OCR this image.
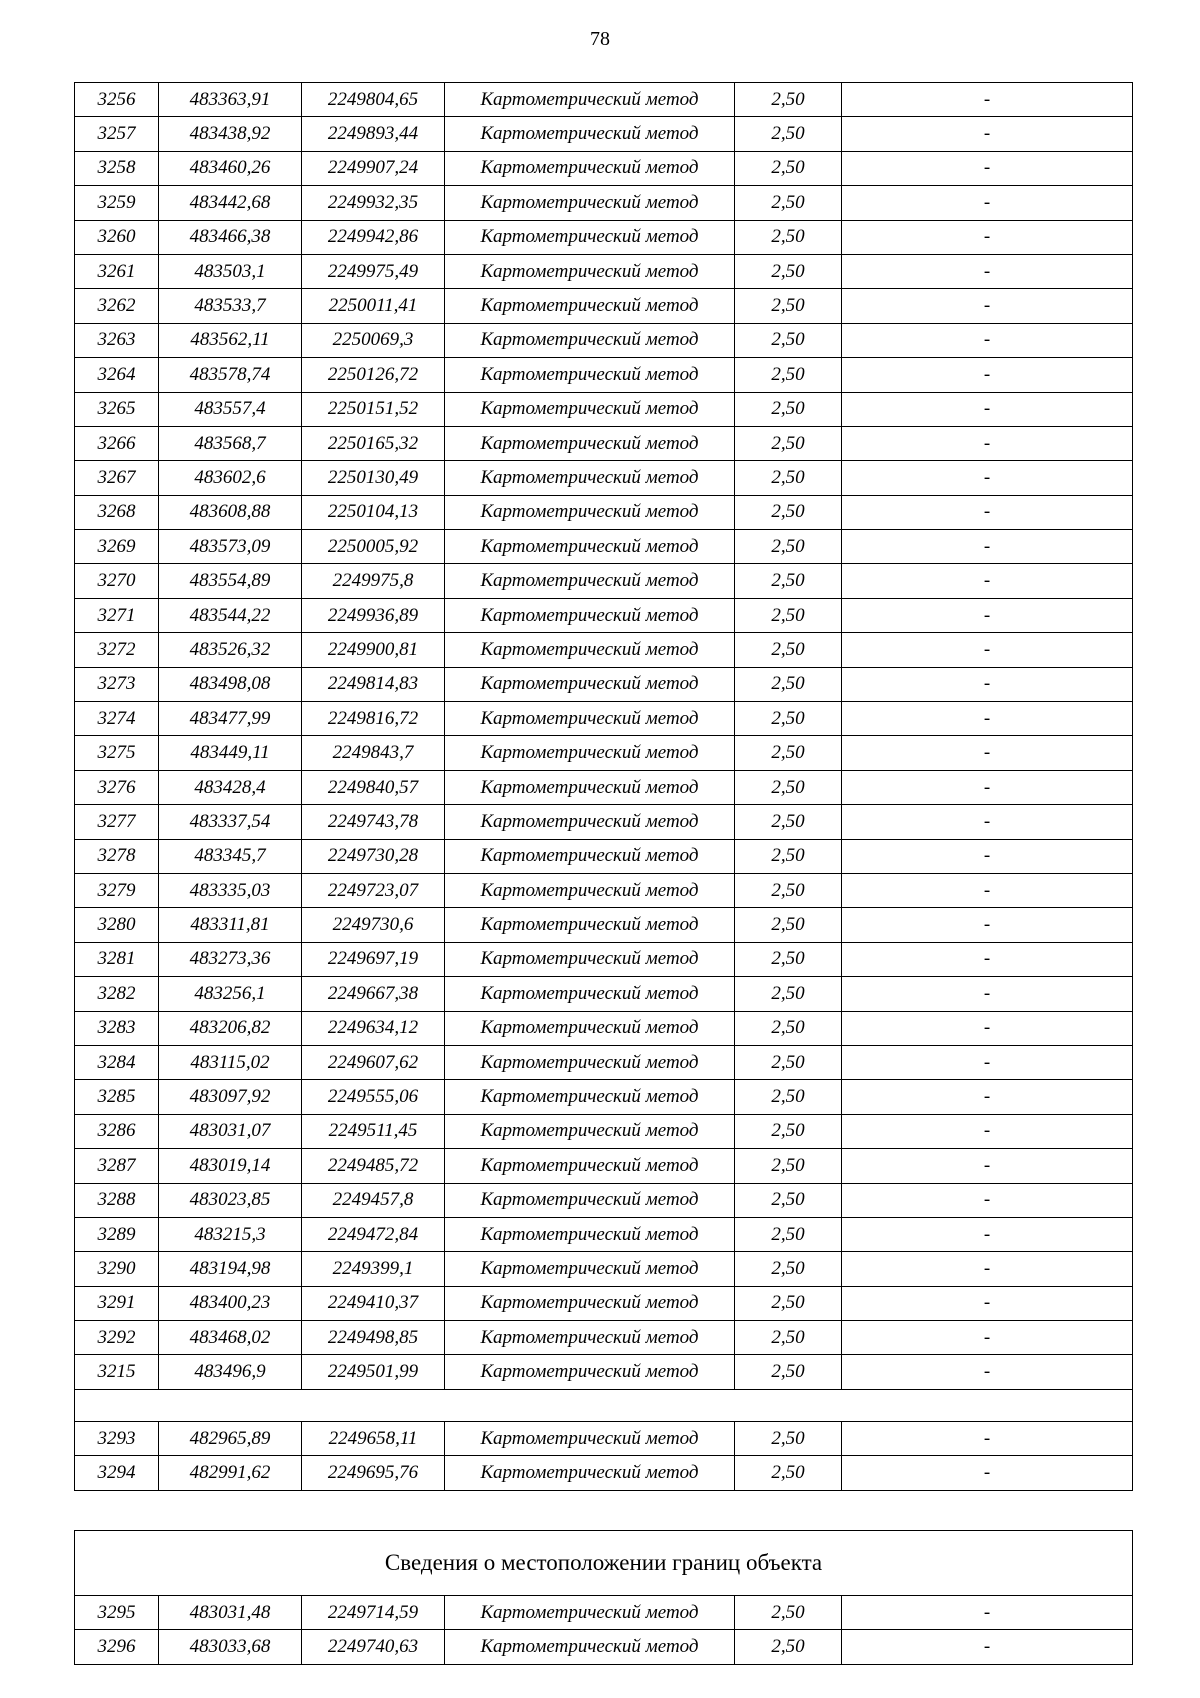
78
3256	483363,91	2249804,65	Картометрический метод	2,50	-
3257	483438,92	2249893,44	Картометрический метод	2,50	-
3258	483460,26	2249907,24	Картометрический метод	2,50	-
3259	483442,68	2249932,35	Картометрический метод	2,50	-
3260	483466,38	2249942,86	Картометрический метод	2,50	-
3261	483503,1	2249975,49	Картометрический метод	2,50	-
3262	483533,7	2250011,41	Картометрический метод	2,50	-
3263	483562,11	2250069,3	Картометрический метод	2,50	-
3264	483578,74	2250126,72	Картометрический метод	2,50	-
3265	483557,4	2250151,52	Картометрический метод	2,50	-
3266	483568,7	2250165,32	Картометрический метод	2,50	-
3267	483602,6	2250130,49	Картометрический метод	2,50	-
3268	483608,88	2250104,13	Картометрический метод	2,50	-
3269	483573,09	2250005,92	Картометрический метод	2,50	-
3270	483554,89	2249975,8	Картометрический метод	2,50	-
3271	483544,22	2249936,89	Картометрический метод	2,50	-
3272	483526,32	2249900,81	Картометрический метод	2,50	-
3273	483498,08	2249814,83	Картометрический метод	2,50	-
3274	483477,99	2249816,72	Картометрический метод	2,50	-
3275	483449,11	2249843,7	Картометрический метод	2,50	-
3276	483428,4	2249840,57	Картометрический метод	2,50	-
3277	483337,54	2249743,78	Картометрический метод	2,50	-
3278	483345,7	2249730,28	Картометрический метод	2,50	-
3279	483335,03	2249723,07	Картометрический метод	2,50	-
3280	483311,81	2249730,6	Картометрический метод	2,50	-
3281	483273,36	2249697,19	Картометрический метод	2,50	-
3282	483256,1	2249667,38	Картометрический метод	2,50	-
3283	483206,82	2249634,12	Картометрический метод	2,50	-
3284	483115,02	2249607,62	Картометрический метод	2,50	-
3285	483097,92	2249555,06	Картометрический метод	2,50	-
3286	483031,07	2249511,45	Картометрический метод	2,50	-
3287	483019,14	2249485,72	Картометрический метод	2,50	-
3288	483023,85	2249457,8	Картометрический метод	2,50	-
3289	483215,3	2249472,84	Картометрический метод	2,50	-
3290	483194,98	2249399,1	Картометрический метод	2,50	-
3291	483400,23	2249410,37	Картометрический метод	2,50	-
3292	483468,02	2249498,85	Картометрический метод	2,50	-
3215	483496,9	2249501,99	Картометрический метод	2,50	-

3293	482965,89	2249658,11	Картометрический метод	2,50	-
3294	482991,62	2249695,76	Картометрический метод	2,50	-
Сведения о местоположении границ объекта					
3295	483031,48	2249714,59	Картометрический метод	2,50	-
3296	483033,68	2249740,63	Картометрический метод	2,50	-
